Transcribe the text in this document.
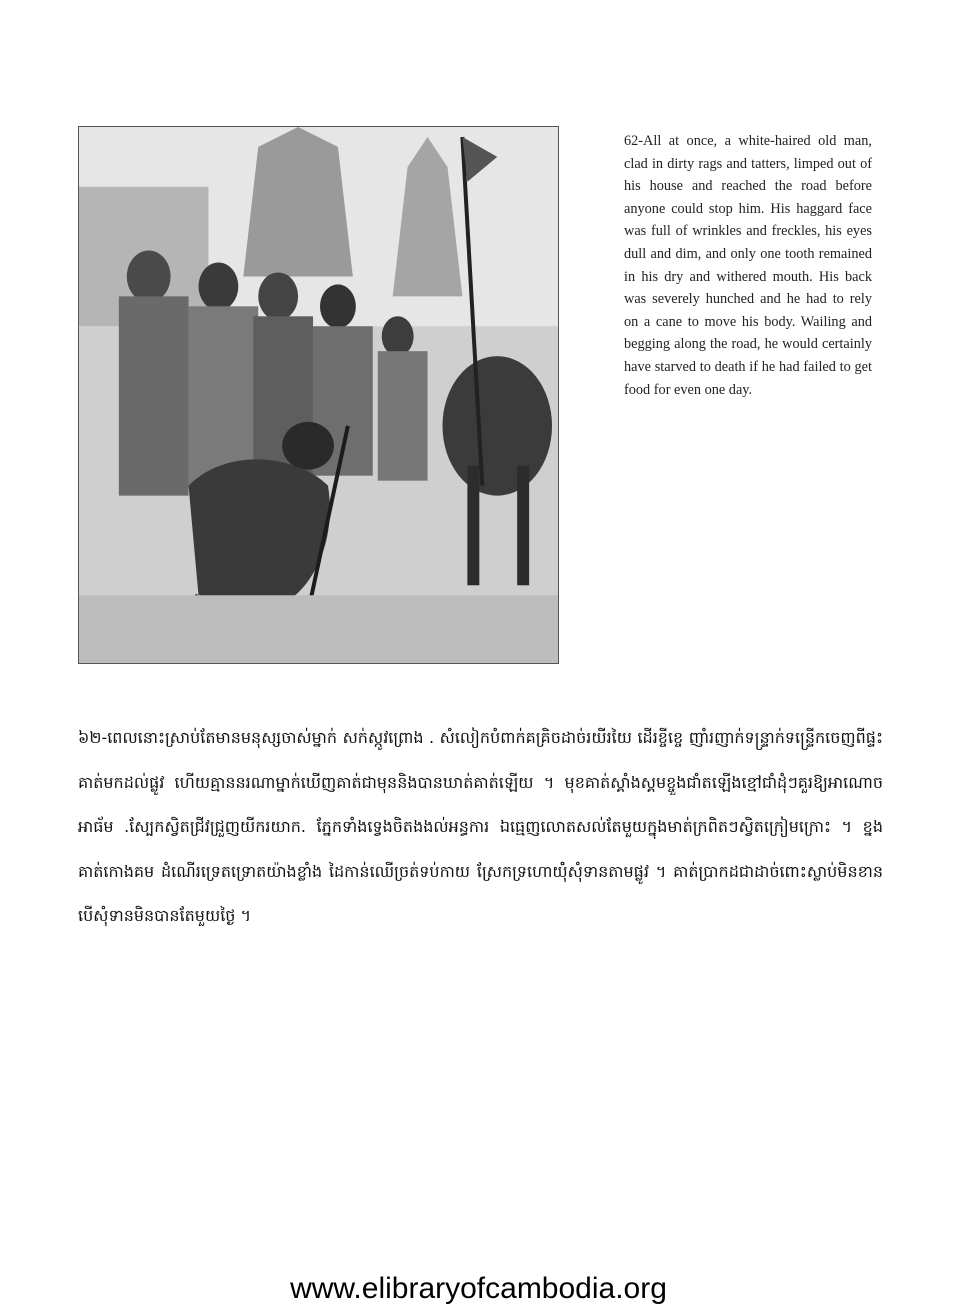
62-All at once, a white-haired old man, clad in dirty rags and tatters, limped out of his house and reached the road before anyone could stop him. His haggard face was full of wrinkles and freckles, his eyes dull and dim, and only one tooth remained in his dry and withered mouth. His back was severely hunched and he had to rely on a cane to move his body. Wailing and begging along the road, he would certainly have starved to death if he had failed to get food for even one day.
៦២-ពេលនោះស្រាប់តែមានមនុស្សចាស់ម្នាក់ សក់ស្កូវព្រោង . សំលៀកបំពាក់គគ្រិចដាច់រយីរយៃ ដើរខ្ចីខ្ចេ ញាំរញាក់ទន្ទ្រាក់ទន្ទ្រេីកចេញពីផ្ទះគាត់មកដល់ផ្លូវ ហើយគ្មាននរណាម្នាក់ឃើញគាត់ជាមុននិងបានឃាត់គាត់ឡើយ ។ មុខគាត់ស្គាំងស្គមខ្ចួងជាំតឡើងខ្មៅជាំដុំៗគួរឱ្យអាណោចអាធ័ម .ស្បែកស្វិតជ្រីវជ្រួញយីករយាក. ភ្នែកទាំងទ្វេងចិតងងល់អន្ធការ ឯធ្មេញលោតសល់តែមួយក្នុងមាត់ក្រពិតៗស្វិតក្រៀមក្រោះ ។ ខ្នងគាត់កោងគម ដំណើរទ្រេតទ្រោតយ៉ាងខ្លាំង ដៃកាន់ឈើច្រត់ទប់កាយ ស្រែកទ្រហោយ៉ុំសុំទានតាមផ្លូវ ។ គាត់ប្រាកដជាដាច់ពោះស្លាប់មិនខាន បើសុំទានមិនបានតែមួយថ្ងៃ ។
www.elibraryofcambodia.org
